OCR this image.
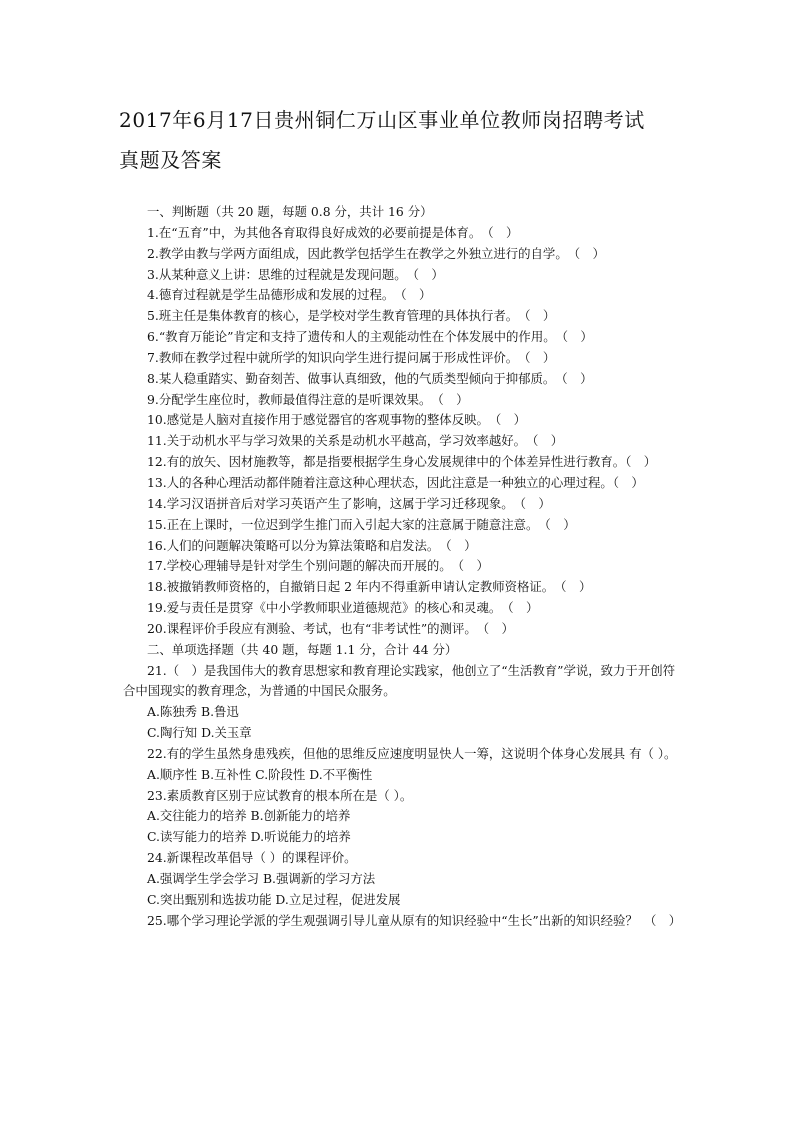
2017年6月17日贵州铜仁万山区事业单位教师岗招聘考试
真题及答案

一、判断题（共 20 题，每题 0.8 分，共计 16 分）

1.在“五育”中，为其他各育取得良好成效的必要前提是体育。　（　）

2.教学由教与学两方面组成，因此教学包括学生在教学之外独立进行的自学。　（　）

3.从某种意义上讲：思维的过程就是发现问题。　（　）

4.德育过程就是学生品德形成和发展的过程。　（　）

5.班主任是集体教育的核心，是学校对学生教育管理的具体执行者。　（　）

6.“教育万能论”肯定和支持了遗传和人的主观能动性在个体发展中的作用。　（　）

7.教师在教学过程中就所学的知识向学生进行提问属于形成性评价。　（　）

8.某人稳重踏实、勤奋刻苦、做事认真细致，他的气质类型倾向于抑郁质。　（　）

9.分配学生座位时，教师最值得注意的是听课效果。　（　）

10.感觉是人脑对直接作用于感觉器官的客观事物的整体反映。　（　）

11.关于动机水平与学习效果的关系是动机水平越高，学习效率越好。　（　）

12.有的放矢、因材施教等，都是指要根据学生身心发展规律中的个体差异性进行教育。（　）

13.人的各种心理活动都伴随着注意这种心理状态，因此注意是一种独立的心理过程。（　）

14.学习汉语拼音后对学习英语产生了影响，这属于学习迁移现象。　（　）

15.正在上课时，一位迟到学生推门而入引起大家的注意属于随意注意。　（　）

16.人们的问题解决策略可以分为算法策略和启发法。　（　）

17.学校心理辅导是针对学生个别问题的解决而开展的。　（　）

18.被撤销教师资格的，自撤销日起 2 年内不得重新申请认定教师资格证。　（　）

19.爱与责任是贯穿《中小学教师职业道德规范》的核心和灵魂。　（　）

20.课程评价手段应有测验、考试，也有“非考试性”的测评。　（　）

二、单项选择题（共 40 题，每题 1.1 分，合计 44 分）

21.（　）是我国伟大的教育思想家和教育理论实践家，他创立了“生活教育”学说，致力于开创符合中国现实的教育理念，为普通的中国民众服务。

A.陈独秀 B.鲁迅

C.陶行知 D.关玉章

22.有的学生虽然身患残疾，但他的思维反应速度明显快人一筹，这说明个体身心发展具 有（ ）。

A.顺序性 B.互补性 C.阶段性 D.不平衡性

23.素质教育区别于应试教育的根本所在是（ ）。

A.交往能力的培养 B.创新能力的培养

C.读写能力的培养 D.听说能力的培养

24.新课程改革倡导（ ）的课程评价。

A.强调学生学会学习 B.强调新的学习方法

C.突出甄别和选拔功能 D.立足过程，促进发展

25.哪个学习理论学派的学生观强调引导儿童从原有的知识经验中“生长”出新的知识经验？　（　）
